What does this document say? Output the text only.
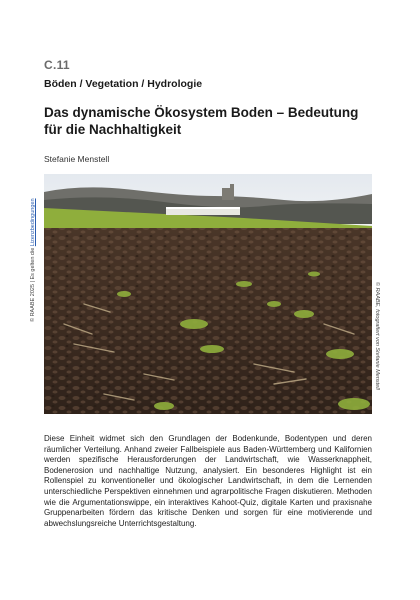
C.11
Böden / Vegetation / Hydrologie
Das dynamische Ökosystem Boden – Bedeutung für die Nachhaltigkeit
Stefanie Menstell
© RAABE 2025 | Es gelten die Lizenzbedingungen
© RAABE, fotografiert von Stefanie Menstell

Diese Einheit widmet sich den Grundlagen der Bodenkunde, Bodentypen und deren räumlicher Verteilung. Anhand zweier Fallbeispiele aus Baden-Württemberg und Kalifornien werden spezifische Herausforderungen der Landwirtschaft, wie Wasserknappheit, Bodenerosion und nachhaltige Nutzung, analysiert. Ein besonderes Highlight ist ein Rollenspiel zu konventioneller und ökologischer Landwirtschaft, in dem die Lernenden unterschiedliche Perspektiven einnehmen und agrarpolitische Fragen diskutieren. Methoden wie die Argumentationswippe, ein interaktives Kahoot-Quiz, digitale Karten und praxisnahe Gruppenarbeiten fördern das kritische Denken und sorgen für eine motivierende und abwechslungsreiche Unterrichtsgestaltung.
